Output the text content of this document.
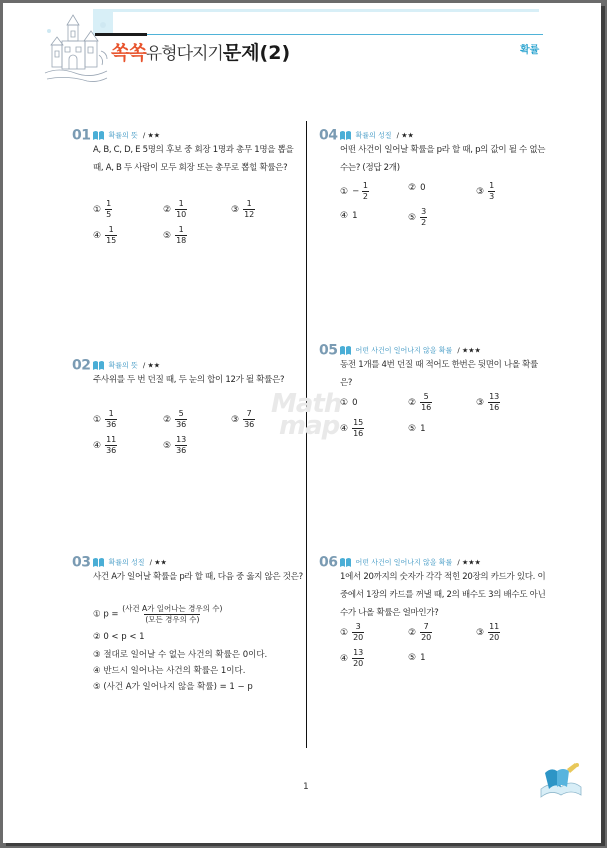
쏙쏙유형다지기문제(2)	확률
Math
map
01	확률의 뜻 / ★★
A, B, C, D, E 5명의 후보 중 회장 1명과 총무 1명을 뽑을 때, A, B 두 사람이 모두 회장 또는 총무로 뽑힐 확률은?
① $\frac{1}{5}$	② $\frac{1}{10}$	③ $\frac{1}{12}$
④ $\frac{1}{15}$	⑤ $\frac{1}{18}$
02	확률의 뜻 / ★★
주사위를 두 번 던질 때, 두 눈의 합이 12가 될 확률은?
① $\frac{1}{36}$	② $\frac{5}{36}$	③ $\frac{7}{36}$
④ $\frac{11}{36}$	⑤ $\frac{13}{36}$
03	확률의 성질 / ★★
사건 A가 일어날 확률을 p라 할 때, 다음 중 옳지 않은 것은?
① $p = \frac{\text{(사건 A가 일어나는 경우의 수)}}{\text{(모든 경우의 수)}}$
② 0 < p < 1
③ 절대로 일어날 수 없는 사건의 확률은 0이다.
④ 반드시 일어나는 사건의 확률은 1이다.
⑤ (사건 A가 일어나지 않을 확률) = 1 − p
04	확률의 성질 / ★★
어떤 사건이 일어날 확률을 p라 할 때, p의 값이 될 수 없는 수는? (정답 2개)
① − $\frac{1}{2}$	② 0	③ $\frac{1}{3}$
④ 1	⑤ $\frac{3}{2}$
05	어떤 사건이 일어나지 않을 확률 / ★★★
동전 1개를 4번 던질 때 적어도 한번은 뒷면이 나올 확률은?
① 0	② $\frac{5}{16}$	③ $\frac{13}{16}$
④ $\frac{15}{16}$	⑤ 1
06	어떤 사건이 일어나지 않을 확률 / ★★★
1에서 20까지의 숫자가 각각 적힌 20장의 카드가 있다. 이 중에서 1장의 카드를 꺼낼 때, 2의 배수도 3의 배수도 아닌 수가 나올 확률은 얼마인가?
① $\frac{3}{20}$	② $\frac{7}{20}$	③ $\frac{11}{20}$
④ $\frac{13}{20}$	⑤ 1
1
